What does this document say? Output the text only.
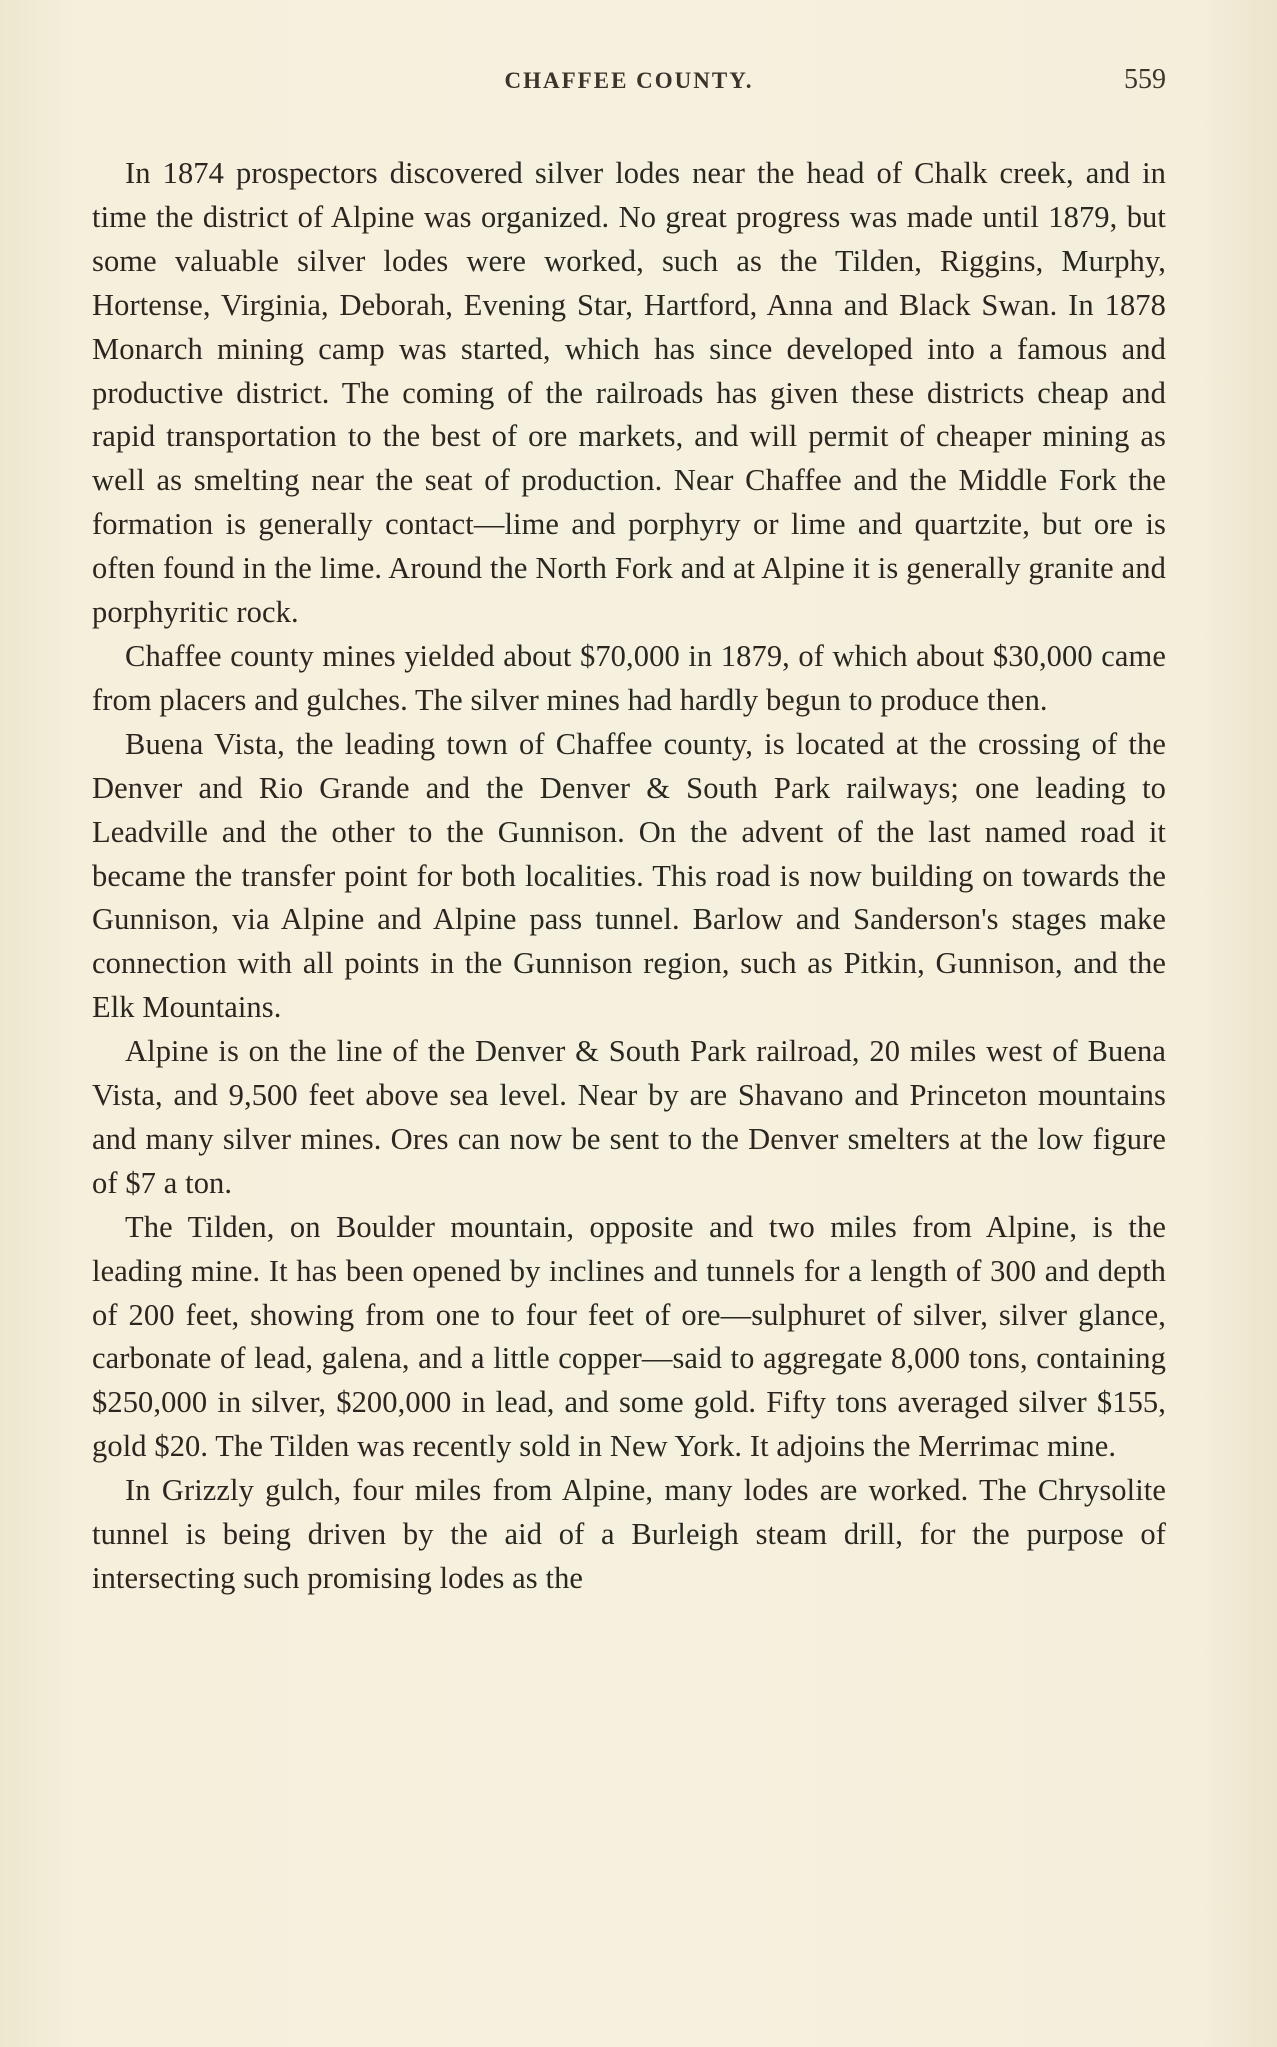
CHAFFEE COUNTY.	559

In 1874 prospectors discovered silver lodes near the head of Chalk creek, and in time the district of Alpine was organized. No great progress was made until 1879, but some valuable silver lodes were worked, such as the Tilden, Riggins, Murphy, Hortense, Virginia, Deborah, Evening Star, Hartford, Anna and Black Swan. In 1878 Monarch mining camp was started, which has since developed into a famous and productive district. The coming of the railroads has given these districts cheap and rapid transportation to the best of ore markets, and will permit of cheaper mining as well as smelting near the seat of production. Near Chaffee and the Middle Fork the formation is generally contact—lime and porphyry or lime and quartzite, but ore is often found in the lime. Around the North Fork and at Alpine it is generally granite and porphyritic rock.

Chaffee county mines yielded about $70,000 in 1879, of which about $30,000 came from placers and gulches. The silver mines had hardly begun to produce then.

Buena Vista, the leading town of Chaffee county, is located at the crossing of the Denver and Rio Grande and the Denver & South Park railways; one leading to Leadville and the other to the Gunnison. On the advent of the last named road it became the transfer point for both localities. This road is now building on towards the Gunnison, via Alpine and Alpine pass tunnel. Barlow and Sanderson's stages make connection with all points in the Gunnison region, such as Pitkin, Gunnison, and the Elk Mountains.

Alpine is on the line of the Denver & South Park railroad, 20 miles west of Buena Vista, and 9,500 feet above sea level. Near by are Shavano and Princeton mountains and many silver mines. Ores can now be sent to the Denver smelters at the low figure of $7 a ton.

The Tilden, on Boulder mountain, opposite and two miles from Alpine, is the leading mine. It has been opened by inclines and tunnels for a length of 300 and depth of 200 feet, showing from one to four feet of ore—sulphuret of silver, silver glance, carbonate of lead, galena, and a little copper—said to aggregate 8,000 tons, containing $250,000 in silver, $200,000 in lead, and some gold. Fifty tons averaged silver $155, gold $20. The Tilden was recently sold in New York. It adjoins the Merrimac mine.

In Grizzly gulch, four miles from Alpine, many lodes are worked. The Chrysolite tunnel is being driven by the aid of a Burleigh steam drill, for the purpose of intersecting such promising lodes as the
